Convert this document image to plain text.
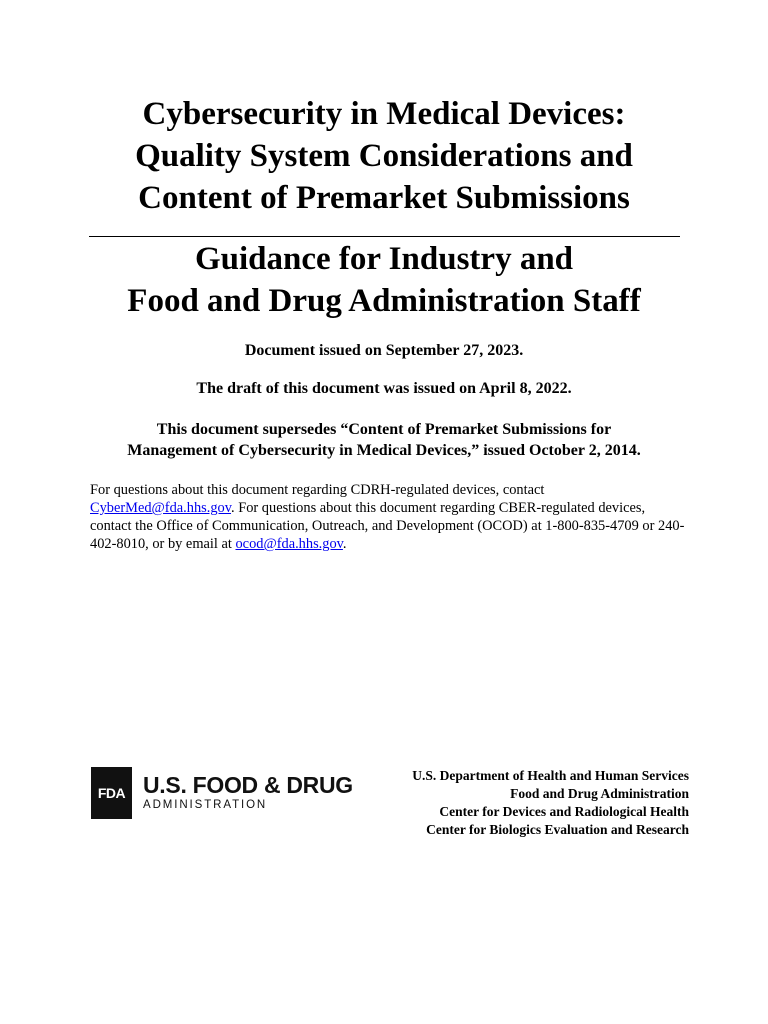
Cybersecurity in Medical Devices:
Quality System Considerations and
Content of Premarket Submissions
Guidance for Industry and
Food and Drug Administration Staff
Document issued on September 27, 2023.
The draft of this document was issued on April 8, 2022.
This document supersedes “Content of Premarket Submissions for
Management of Cybersecurity in Medical Devices,” issued October 2, 2014.
For questions about this document regarding CDRH-regulated devices, contact CyberMed@fda.hhs.gov. For questions about this document regarding CBER-regulated devices, contact the Office of Communication, Outreach, and Development (OCOD) at 1-800-835-4709 or 240-402-8010, or by email at ocod@fda.hhs.gov.
FDA U.S. FOOD & DRUG
ADMINISTRATION
U.S. Department of Health and Human Services
Food and Drug Administration
Center for Devices and Radiological Health
Center for Biologics Evaluation and Research
